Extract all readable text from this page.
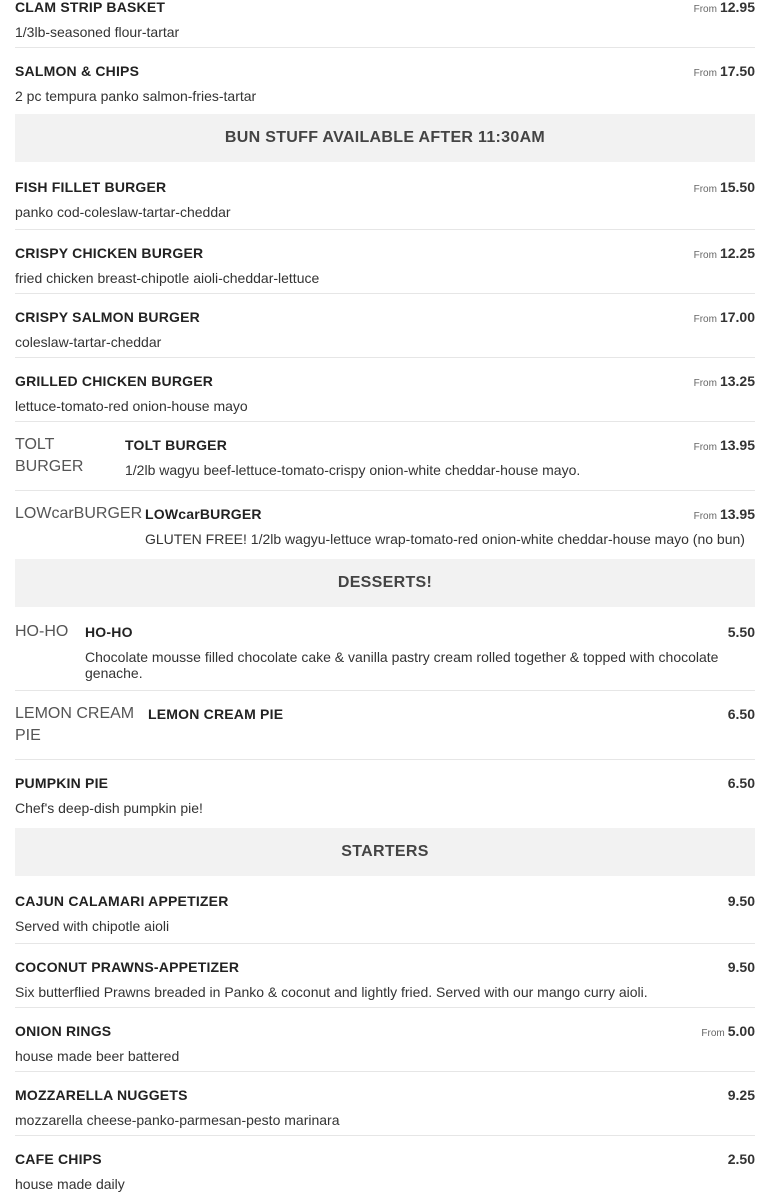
CLAM STRIP BASKET	From 12.95
1/3lb-seasoned flour-tartar
SALMON & CHIPS	From 17.50
2 pc tempura panko salmon-fries-tartar
BUN STUFF AVAILABLE AFTER 11:30AM
FISH FILLET BURGER	From 15.50
panko cod-coleslaw-tartar-cheddar
CRISPY CHICKEN BURGER	From 12.25
fried chicken breast-chipotle aioli-cheddar-lettuce
CRISPY SALMON BURGER	From 17.00
coleslaw-tartar-cheddar
GRILLED CHICKEN BURGER	From 13.25
lettuce-tomato-red onion-house mayo
TOLT BURGER
TOLT BURGER	From 13.95
1/2lb wagyu beef-lettuce-tomato-crispy onion-white cheddar-house mayo.
LOWcarBURGER LOWcarBURGER	From 13.95
GLUTEN FREE! 1/2lb wagyu-lettuce wrap-tomato-red onion-white cheddar-house mayo (no bun)
DESSERTS!
HO-HO	HO-HO	5.50
Chocolate mousse filled chocolate cake & vanilla pastry cream rolled together & topped with chocolate genache.
LEMON CREAM PIE
LEMON CREAM PIE	6.50
PUMPKIN PIE	6.50
Chef's deep-dish pumpkin pie!
STARTERS
CAJUN CALAMARI APPETIZER	9.50
Served with chipotle aioli
COCONUT PRAWNS-APPETIZER	9.50
Six butterflied Prawns breaded in Panko & coconut and lightly fried. Served with our mango curry aioli.
ONION RINGS	From 5.00
house made beer battered
MOZZARELLA NUGGETS	9.25
mozzarella cheese-panko-parmesan-pesto marinara
CAFE CHIPS	2.50
house made daily
